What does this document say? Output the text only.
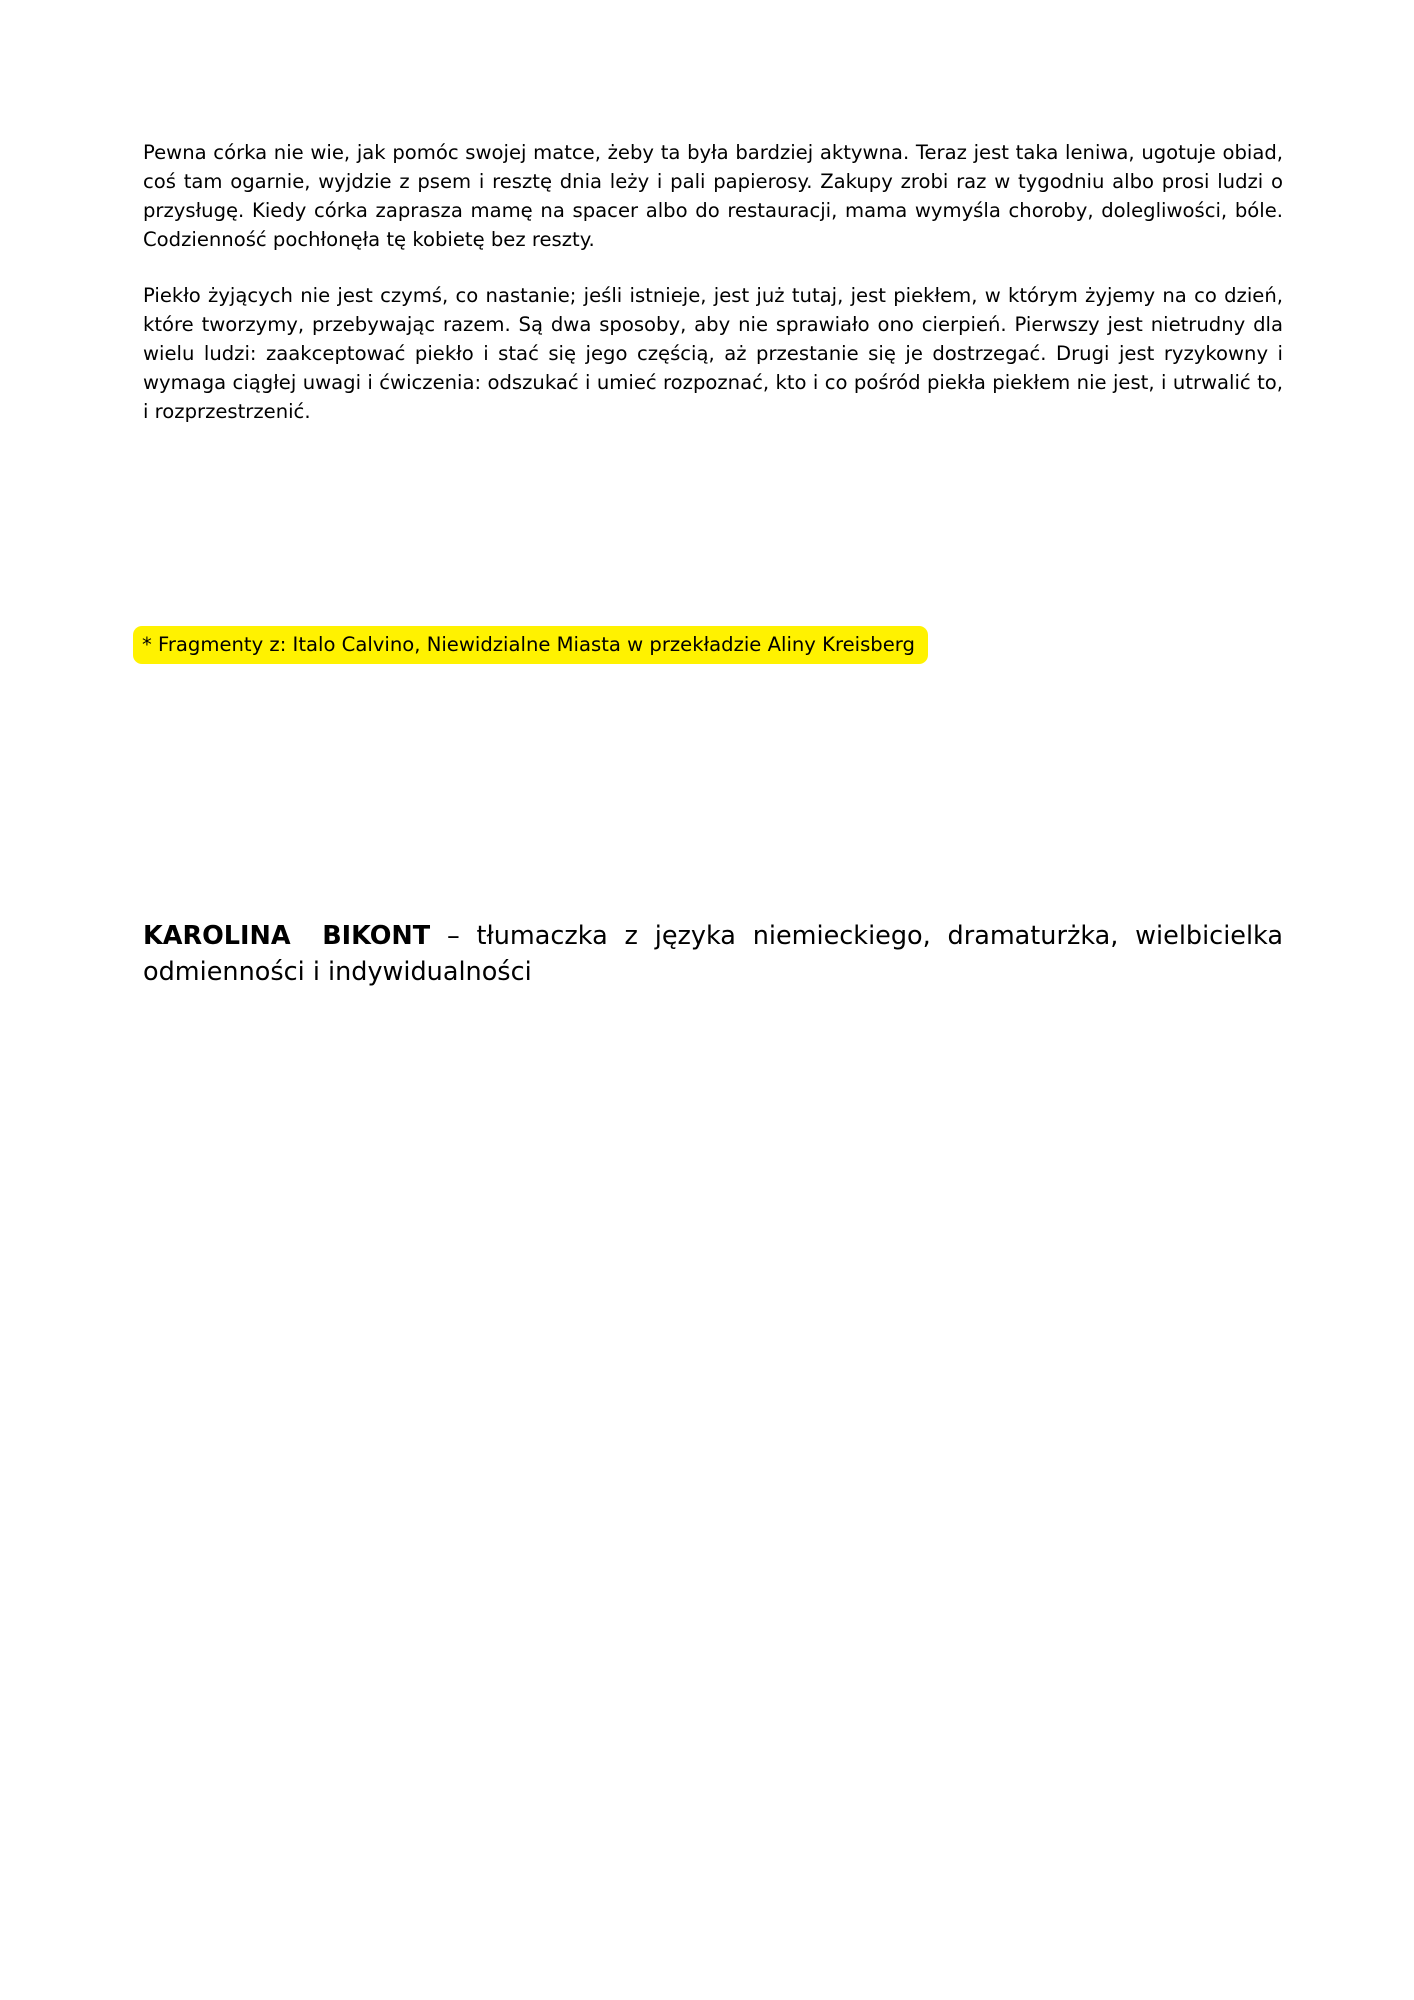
Pewna córka nie wie, jak pomóc swojej matce, żeby ta była bardziej aktywna. Teraz jest taka leniwa, ugotuje obiad, coś tam ogarnie, wyjdzie z psem i resztę dnia leży i pali papierosy. Zakupy zrobi raz w tygodniu albo prosi ludzi o przysługę. Kiedy córka zaprasza mamę na spacer albo do restauracji, mama wymyśla choroby, dolegliwości, bóle. Codzienność pochłonęła tę kobietę bez reszty.

Piekło żyjących nie jest czymś, co nastanie; jeśli istnieje, jest już tutaj, jest piekłem, w którym żyjemy na co dzień, które tworzymy, przebywając razem. Są dwa sposoby, aby nie sprawiało ono cierpień. Pierwszy jest nietrudny dla wielu ludzi: zaakceptować piekło i stać się jego częścią, aż przestanie się je dostrzegać. Drugi jest ryzykowny i wymaga ciągłej uwagi i ćwiczenia: odszukać i umieć rozpoznać, kto i co pośród piekła piekłem nie jest, i utrwalić to, i rozprzestrzenić.

* Fragmenty z: Italo Calvino, Niewidzialne Miasta w przekładzie Aliny Kreisberg

KAROLINA BIKONT – tłumaczka z języka niemieckiego, dramaturżka, wielbicielka odmienności i indywidualności
